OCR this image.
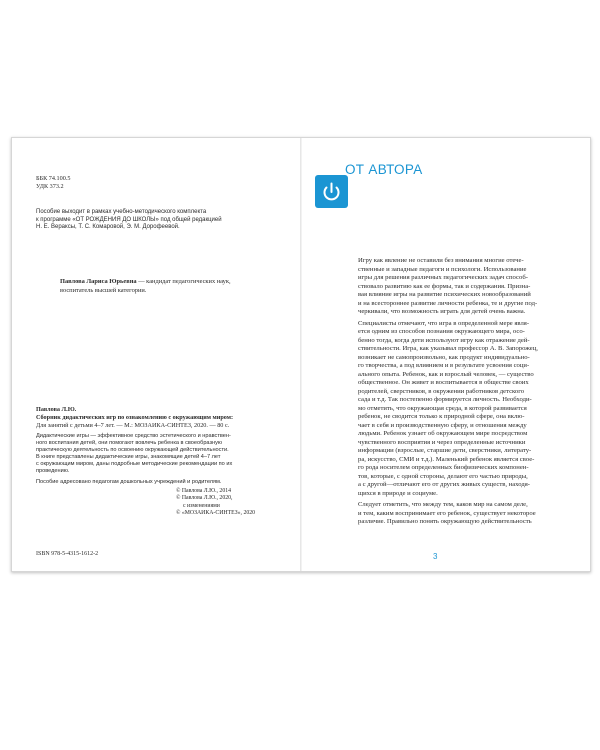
ББК 74.100.5
УДК 373.2
Пособие выходит в рамках учебно-методического комплекта
к программе «ОТ РОЖДЕНИЯ ДО ШКОЛЫ» под общей редакцией
Н. Е. Вераксы, Т. С. Комаровой, Э. М. Дорофеевой.
Павлова Лариса Юрьевна — кандидат педагогических наук,
воспитатель высшей категории.
Павлова Л.Ю.
Сборник дидактических игр по ознакомлению с окружающим миром:
Для занятий с детьми 4–7 лет. — М.: МОЗАИКА-СИНТЕЗ, 2020. — 80 с.
Дидактические игры — эффективное средство эстетического и нравствен-
ного воспитания детей, они помогают вовлечь ребенка в своеобразную
практическую деятельность по освоению окружающей действительности.
В книге представлены дидактические игры, знакомящие детей 4–7 лет
с окружающим миром, даны подробные методические рекомендации по их
проведению.
Пособие адресовано педагогам дошкольных учреждений и родителям.
© Павлова Л.Ю., 2014
© Павлова Л.Ю., 2020,
с изменениями
© «МОЗАИКА-СИНТЕЗ», 2020
ISBN 978-5-4315-1612-2
ОТ АВТОРА

Игру как явление не оставили без внимания многие отече-
ственные и западные педагоги и психологи. Использование
игры для решения различных педагогических задач способ-
ствовало развитию как ее формы, так и содержания. Призна-
вая влияние игры на развитие психических новообразований
и на всестороннее развитие личности ребенка, те и другие под-
черкивали, что возможность играть для детей очень важна.

Специалисты отмечают, что игра в определенной мере явля-
ется одним из способов познания окружающего мира, осо-
бенно тогда, когда дети используют игру как отражение дей-
ствительности. Игра, как указывал профессор А. В. Запорожец,
возникает не самопроизвольно, как продукт индивидуально-
го творчества, а под влиянием и в результате усвоения соци-
ального опыта. Ребенок, как и взрослый человек, — существо
общественное. Он живет и воспитывается в обществе своих
родителей, сверстников, в окружении работников детского
сада и т.д. Так постепенно формируется личность. Необходи-
мо отметить, что окружающая среда, в которой развивается
ребенок, не сводится только к природной сфере, она вклю-
чает в себя и производственную сферу, и отношения между
людьми. Ребенок узнает об окружающем мире посредством
чувственного восприятия и через определенные источники
информации (взрослые, старшие дети, сверстники, литерату-
ра, искусство, СМИ и т.д.). Маленький ребенок является свое-
го рода носителем определенных биофизических компонен-
тов, которые, с одной стороны, делают его частью природы,
а с другой—отличают его от других живых существ, находя-
щихся в природе и социуме.

Следует отметить, что между тем, каков мир на самом деле,
и тем, каким воспринимает его ребенок, существует некоторое
различие. Правильно понять окружающую действительность

3
